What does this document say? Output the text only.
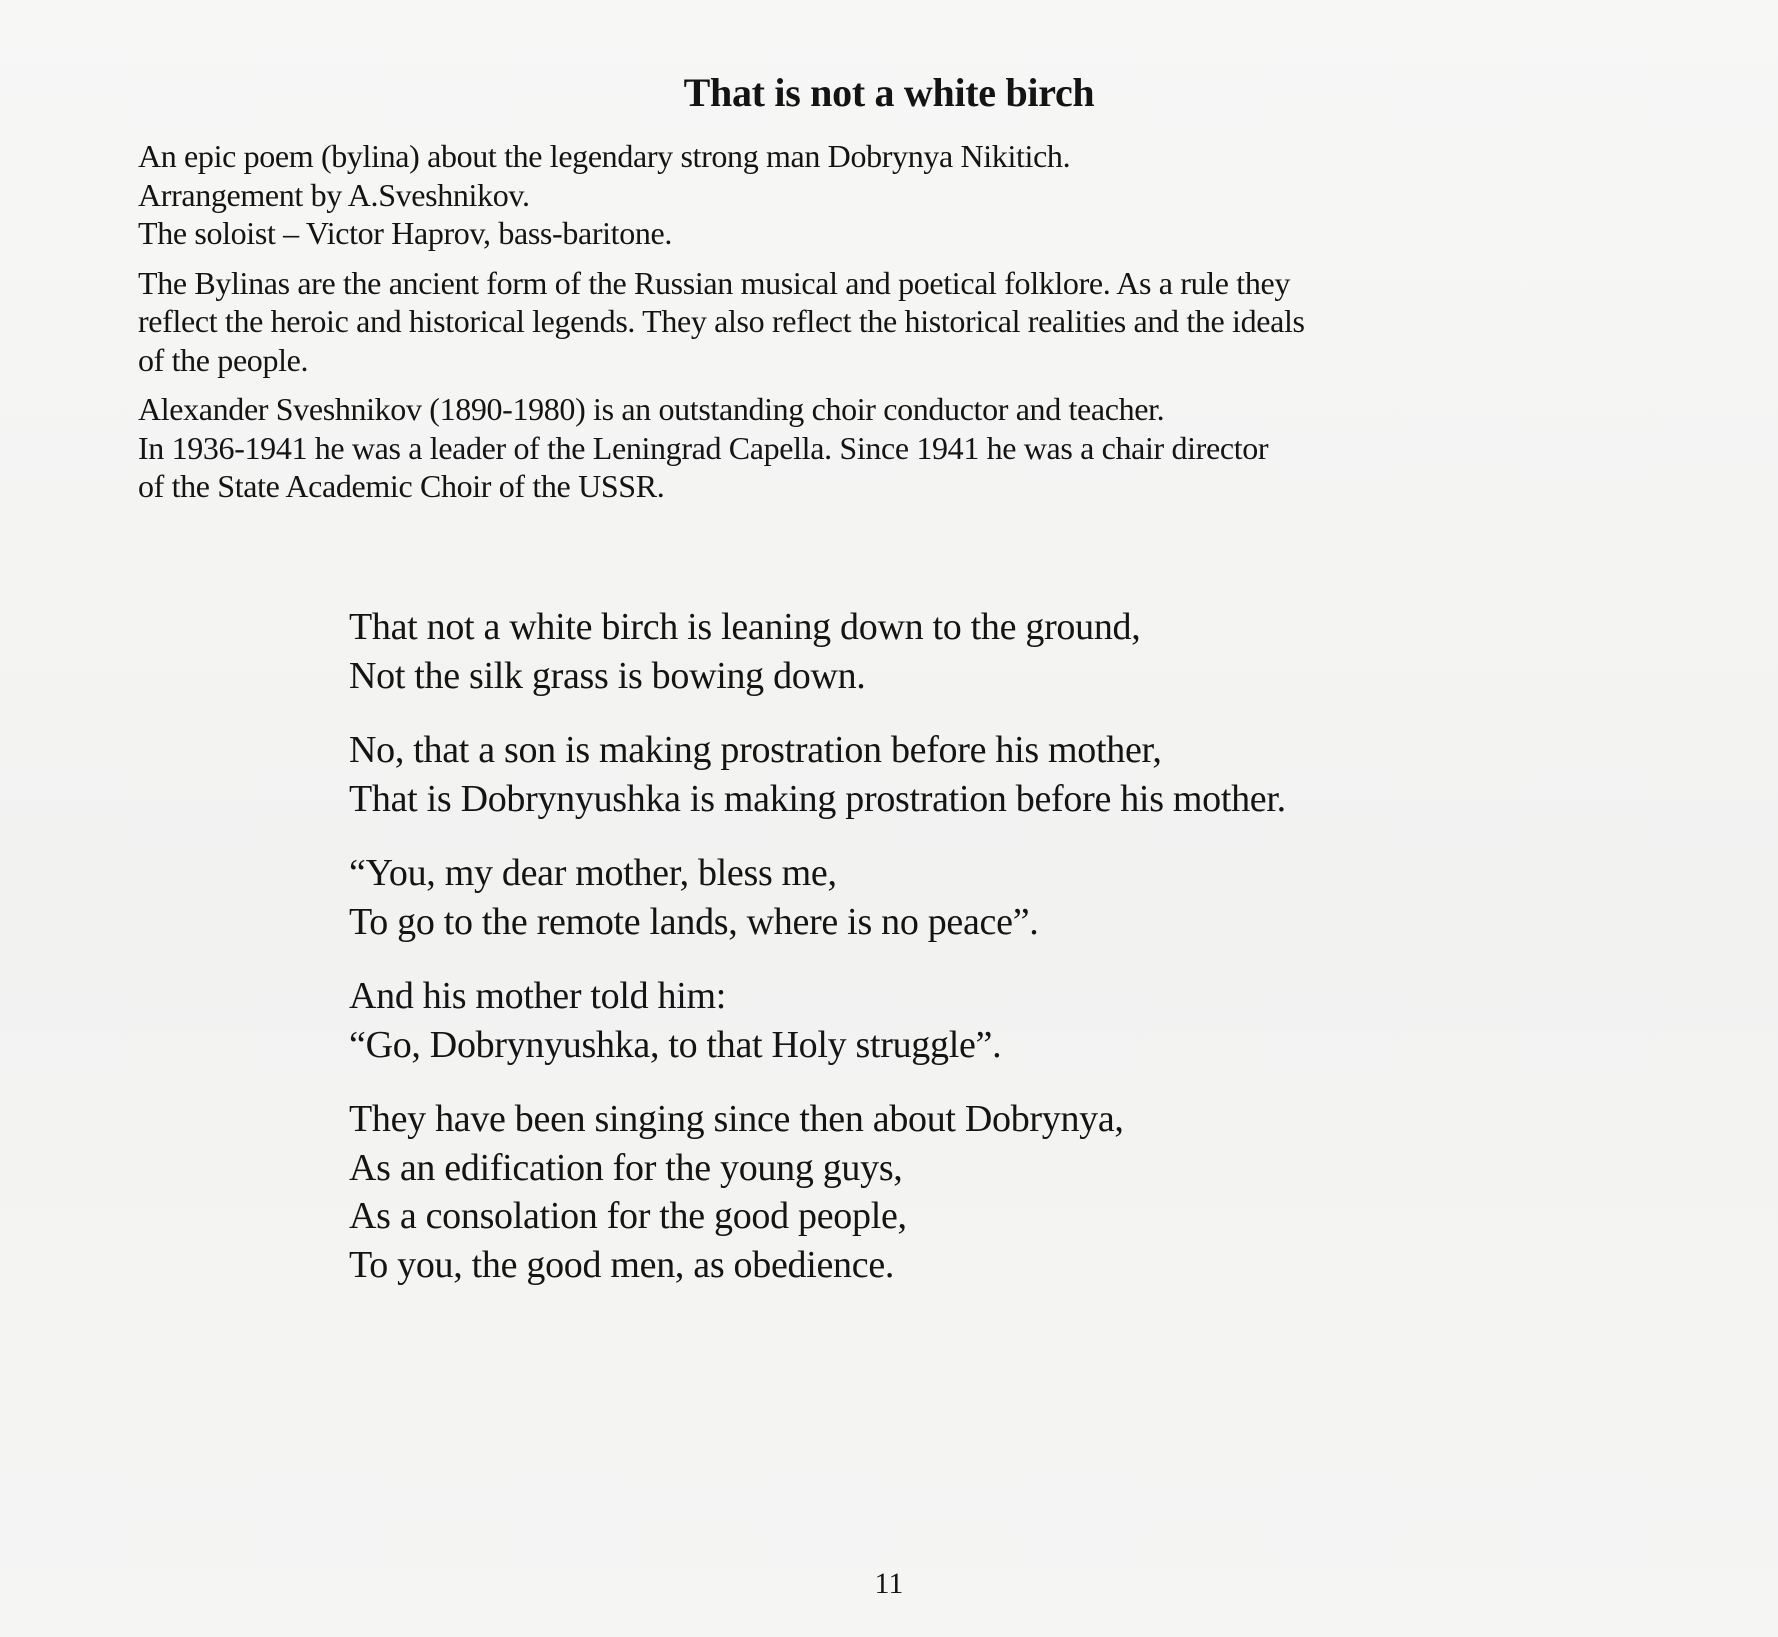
That is not a white birch

An epic poem (bylina) about the legendary strong man Dobrynya Nikitich.
Arrangement by A.Sveshnikov.
The soloist – Victor Haprov, bass-baritone.

The Bylinas are the ancient form of the Russian musical and poetical folklore. As a rule they
reflect the heroic and historical legends. They also reflect the historical realities and the ideals
of the people.

Alexander Sveshnikov (1890-1980) is an outstanding choir conductor and teacher.
In 1936-1941 he was a leader of the Leningrad Capella. Since 1941 he was a chair director
of the State Academic Choir of the USSR.

That not a white birch is leaning down to the ground,
Not the silk grass is bowing down.

No, that a son is making prostration before his mother,
That is Dobrynyushka is making prostration before his mother.

“You, my dear mother, bless me,
To go to the remote lands, where is no peace”.

And his mother told him:
“Go, Dobrynyushka, to that Holy struggle”.

They have been singing since then about Dobrynya,
As an edification for the young guys,
As a consolation for the good people,
To you, the good men, as obedience.

11
